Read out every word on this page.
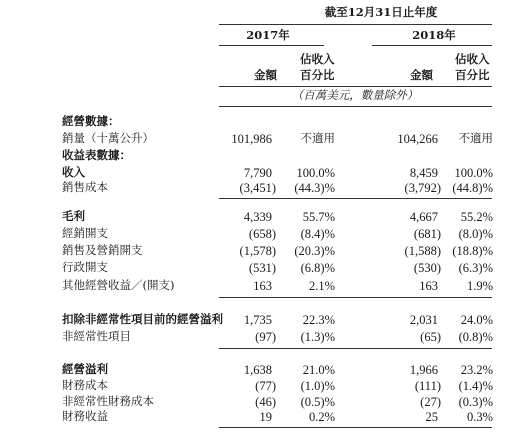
截至12月31日止年度
2017年	2018年
佔收入	佔收入
金額 百分比	金額 百分比
（百萬美元，數量除外）
經營數據：
收益表數據：
銷量（十萬公升）	101,986 不適用	104,266 不適用
收入	7,790 100.0%	8,459 100.0%
銷售成本	(3,451) (44.3)%	(3,792) (44.8)%
毛利	4,339 55.7%	4,667 55.2%
經銷開支	(658) (8.4)%	(681) (8.0)%
銷售及營銷開支	(1,578) (20.3)%	(1,588) (18.8)%
行政開支	(531) (6.8)%	(530) (6.3)%
其他經營收益／(開支)	163	2.1%	163 1.9%
扣除非經常性項目前的經營溢利 1,735 22.3%	2,031 24.0%
非經常性項目	(97) (1.3)%	(65) (0.8)%
經營溢利	1,638 21.0%	1,966 23.2%
財務成本	(77) (1.0)%	(111) (1.4)%
非經常性財務成本	(46) (0.5)%	(27) (0.3)%
財務收益	19	0.2%	25 0.3%
